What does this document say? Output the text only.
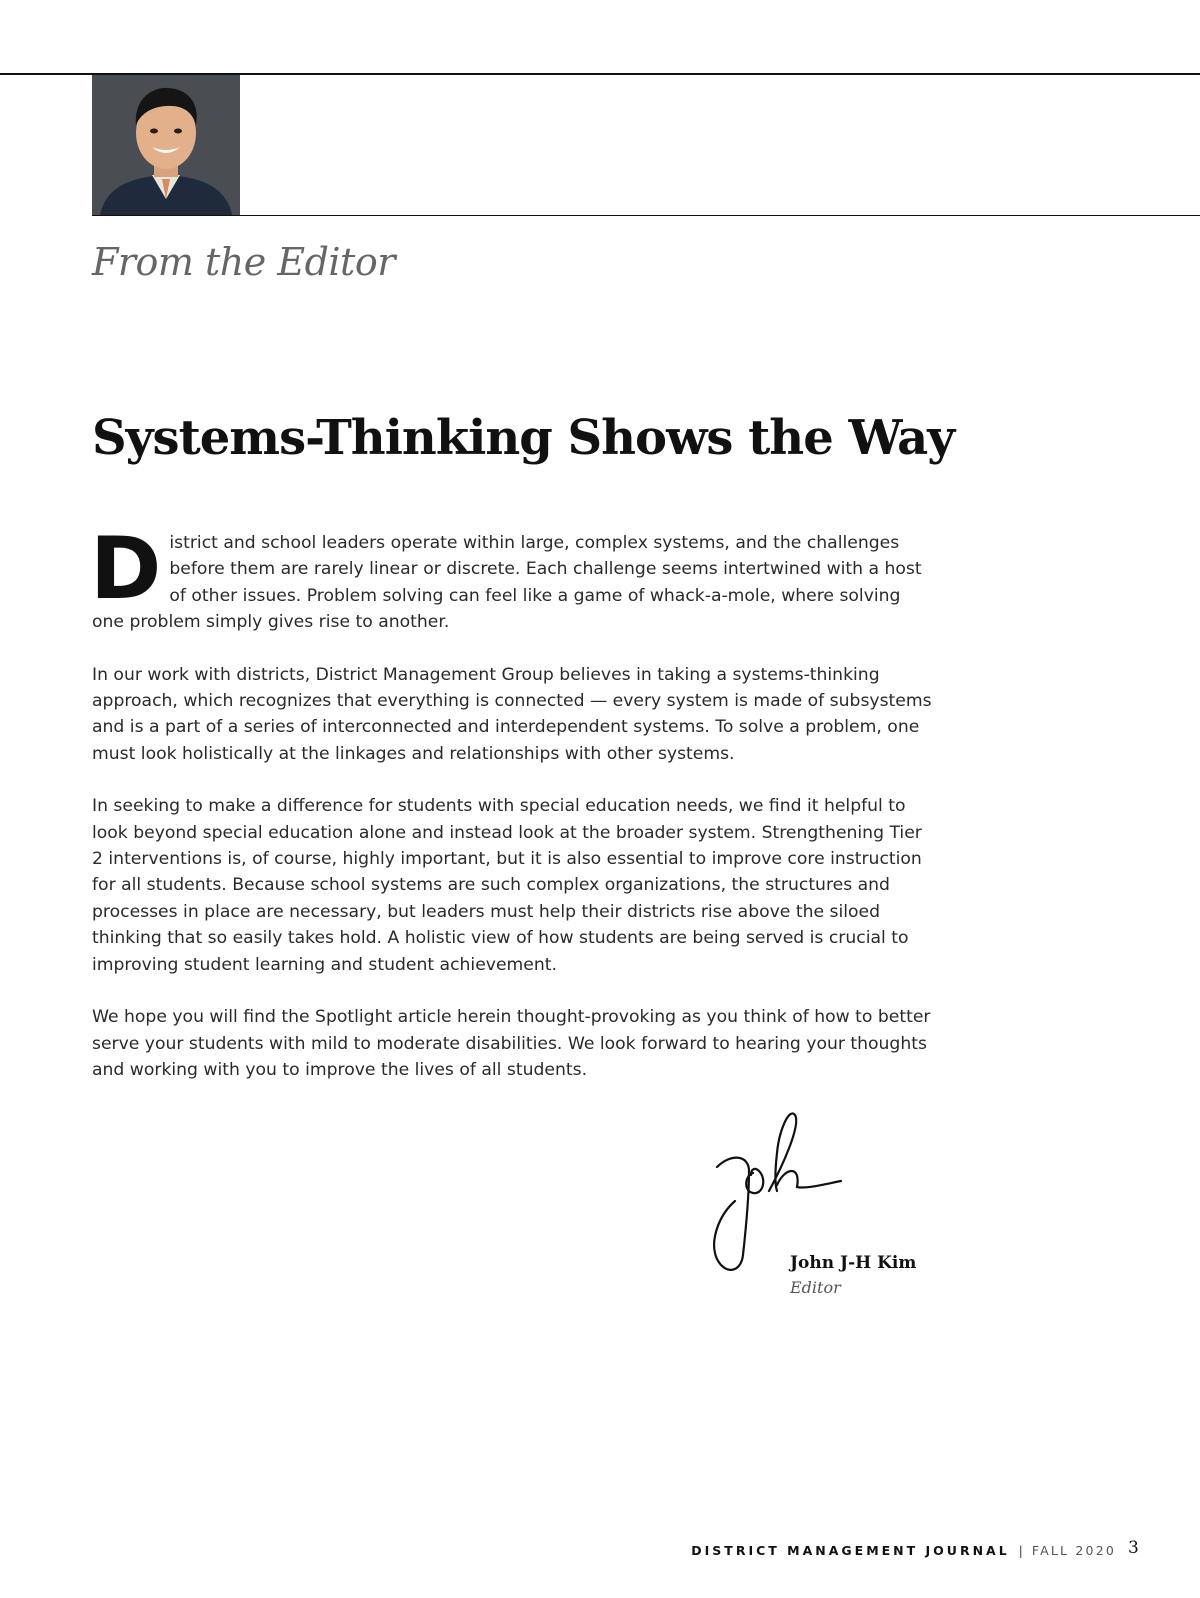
From the Editor
Systems-Thinking Shows the Way

District and school leaders operate within large, complex systems, and the challenges before them are rarely linear or discrete. Each challenge seems intertwined with a host of other issues. Problem solving can feel like a game of whack-a-mole, where solving one problem simply gives rise to another.

In our work with districts, District Management Group believes in taking a systems-thinking approach, which recognizes that everything is connected — every system is made of subsystems and is a part of a series of interconnected and interdependent systems. To solve a problem, one must look holistically at the linkages and relationships with other systems.

In seeking to make a difference for students with special education needs, we find it helpful to look beyond special education alone and instead look at the broader system. Strengthening Tier 2 interventions is, of course, highly important, but it is also essential to improve core instruction for all students. Because school systems are such complex organizations, the structures and processes in place are necessary, but leaders must help their districts rise above the siloed thinking that so easily takes hold. A holistic view of how students are being served is crucial to improving student learning and student achievement.

We hope you will find the Spotlight article herein thought-provoking as you think of how to better serve your students with mild to moderate disabilities. We look forward to hearing your thoughts and working with you to improve the lives of all students.

John J-H Kim
Editor
DISTRICT MANAGEMENT JOURNAL | FALL 2020 3
